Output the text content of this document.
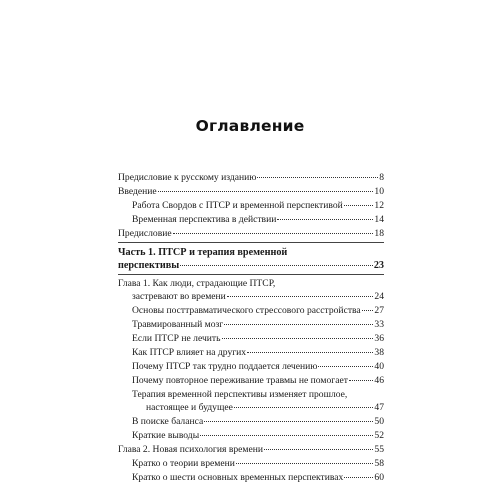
Оглавление
Предисловие к русскому изданию	8
Введение	10
Работа Свордов с ПТСР и временной перспективой	12
Временная перспектива в действии	14
Предисловие	18
Часть 1. ПТСР и терапия временной
перспективы	23
Глава 1. Как люди, страдающие ПТСР,
застревают во времени	24
Основы посттравматического стрессового расстройства 27
Травмированный мозг	33
Если ПТСР не лечить	36
Как ПТСР влияет на других	38
Почему ПТСР так трудно поддается лечению	40
Почему повторное переживание травмы не помогает	46
Терапия временной перспективы изменяет прошлое,
настоящее и будущее	47
В поиске баланса	50
Краткие выводы	52
Глава 2. Новая психология времени	55
Кратко о теории времени	58
Кратко о шести основных временных перспективах	60
